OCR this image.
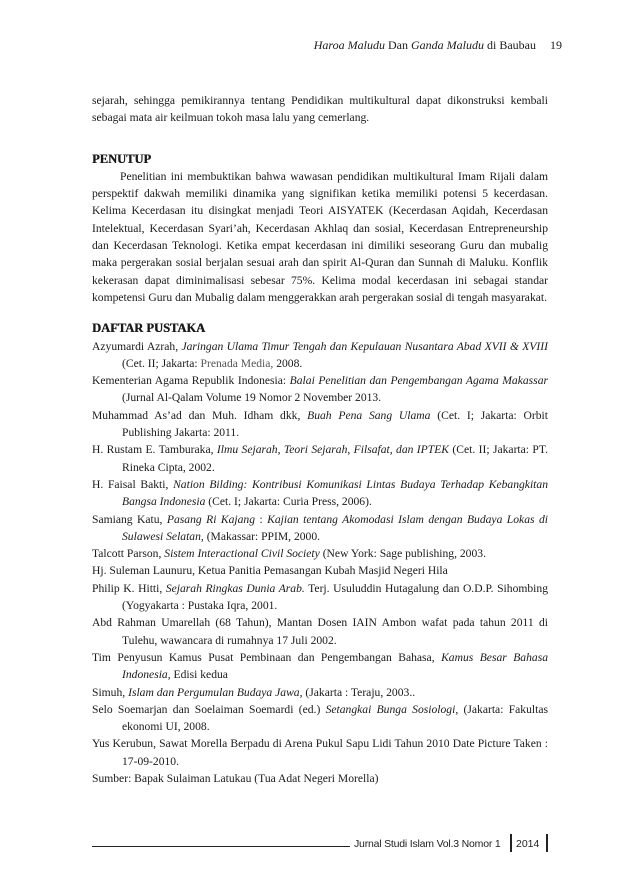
Haroa Maludu Dan Ganda Maludu di Baubau 19

sejarah, sehingga pemikirannya tentang Pendidikan multikultural dapat dikonstruksi kembali sebagai mata air keilmuan tokoh masa lalu yang cemerlang.

PENUTUP

Penelitian ini membuktikan bahwa wawasan pendidikan multikultural Imam Rijali dalam perspektif dakwah memiliki dinamika yang signifikan ketika memiliki potensi 5 kecerdasan. Kelima Kecerdasan itu disingkat menjadi Teori AISYATEK (Kecerdasan Aqidah, Kecerdasan Intelektual, Kecerdasan Syari’ah, Kecerdasan Akhlaq dan sosial, Kecerdasan Entrepreneurship dan Kecerdasan Teknologi. Ketika empat kecerdasan ini dimiliki seseorang Guru dan mubalig maka pergerakan sosial berjalan sesuai arah dan spirit Al-Quran dan Sunnah di Maluku. Konflik kekerasan dapat diminimalisasi sebesar 75%. Kelima modal kecerdasan ini sebagai standar kompetensi Guru dan Mubalig dalam menggerakkan arah pergerakan sosial di tengah masyarakat.

DAFTAR PUSTAKA

Azyumardi Azrah, Jaringan Ulama Timur Tengah dan Kepulauan Nusantara Abad XVII & XVIII (Cet. II; Jakarta: Prenada Media, 2008.

Kementerian Agama Republik Indonesia: Balai Penelitian dan Pengembangan Agama Makassar (Jurnal Al-Qalam Volume 19 Nomor 2 November 2013.

Muhammad As’ad dan Muh. Idham dkk, Buah Pena Sang Ulama (Cet. I; Jakarta: Orbit Publishing Jakarta: 2011.

H. Rustam E. Tamburaka, Ilmu Sejarah, Teori Sejarah, Filsafat, dan IPTEK (Cet. II; Jakarta: PT. Rineka Cipta, 2002.

H. Faisal Bakti, Nation Bilding: Kontribusi Komunikasi Lintas Budaya Terhadap Kebangkitan Bangsa Indonesia (Cet. I; Jakarta: Curia Press, 2006).

Samiang Katu, Pasang Ri Kajang : Kajian tentang Akomodasi Islam dengan Budaya Lokas di Sulawesi Selatan, (Makassar: PPIM, 2000.

Talcott Parson, Sistem Interactional Civil Society (New York: Sage publishing, 2003.

Hj. Suleman Launuru, Ketua Panitia Pemasangan Kubah Masjid Negeri Hila

Philip K. Hitti, Sejarah Ringkas Dunia Arab. Terj. Usuluddin Hutagalung dan O.D.P. Sihombing (Yogyakarta : Pustaka Iqra, 2001.

Abd Rahman Umarellah (68 Tahun), Mantan Dosen IAIN Ambon wafat pada tahun 2011 di Tulehu, wawancara di rumahnya 17 Juli 2002.

Tim Penyusun Kamus Pusat Pembinaan dan Pengembangan Bahasa, Kamus Besar Bahasa Indonesia, Edisi kedua

Simuh, Islam dan Pergumulan Budaya Jawa, (Jakarta : Teraju, 2003..

Selo Soemarjan dan Soelaiman Soemardi (ed.) Setangkai Bunga Sosiologi, (Jakarta: Fakultas ekonomi UI, 2008.

Yus Kerubun, Sawat Morella Berpadu di Arena Pukul Sapu Lidi Tahun 2010 Date Picture Taken : 17-09-2010.

Sumber: Bapak Sulaiman Latukau (Tua Adat Negeri Morella)

Jurnal Studi Islam Vol.3 Nomor 1 2014
